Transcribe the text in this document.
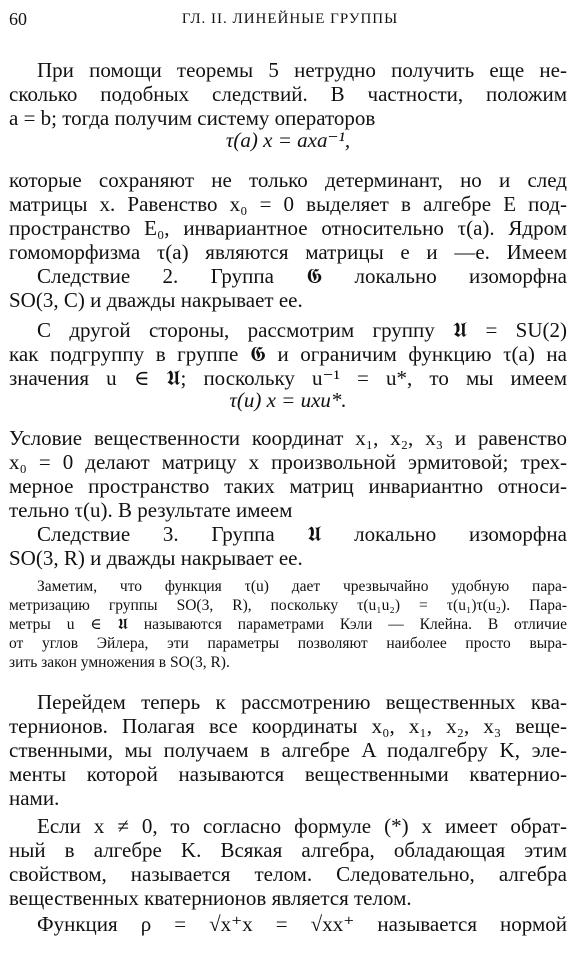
60	ГЛ. II. ЛИНЕЙНЫЕ ГРУППЫ
При помощи теоремы 5 нетрудно получить еще не-
сколько подобных следствий. В частности, положим
a = b; тогда получим систему операторов
τ(a) x = axa⁻¹,
которые сохраняют не только детерминант, но и след
матрицы x. Равенство x₀ = 0 выделяет в алгебре E под-
пространство E₀, инвариантное относительно τ(a). Ядром
гомоморфизма τ(a) являются матрицы e и —e. Имеем
Следствие 2. Группа 𝕲 локально изоморфна
SO(3, C) и дважды накрывает ее.
С другой стороны, рассмотрим группу 𝖀 = SU(2)
как подгруппу в группе 𝕲 и ограничим функцию τ(a) на
значения u ∈ 𝖀; поскольку u⁻¹ = u*, то мы имеем
τ(u) x = uxu*.
Условие вещественности координат x₁, x₂, x₃ и равенство
x₀ = 0 делают матрицу x произвольной эрмитовой; трех-
мерное пространство таких матриц инвариантно относи-
тельно τ(u). В результате имеем
Следствие 3. Группа 𝖀 локально изоморфна
SO(3, R) и дважды накрывает ее.
Заметим, что функция τ(u) дает чрезвычайно удобную пара-
метризацию группы SO(3, R), поскольку τ(u₁u₂) = τ(u₁)τ(u₂). Пара-
метры u ∈ 𝖀 называются параметрами Кэли — Клейна. В отличие
от углов Эйлера, эти параметры позволяют наиболее просто выра-
зить закон умножения в SO(3, R).
Перейдем теперь к рассмотрению вещественных ква-
тернионов. Полагая все координаты x₀, x₁, x₂, x₃ веще-
ственными, мы получаем в алгебре A подалгебру K, эле-
менты которой называются вещественными кватернио-
нами.
Если x ≠ 0, то согласно формуле (*) x имеет обрат-
ный в алгебре K. Всякая алгебра, обладающая этим
свойством, называется телом. Следовательно, алгебра
вещественных кватернионов является телом.
Функция ρ = √x⁺x = √xx⁺ называется нормой
